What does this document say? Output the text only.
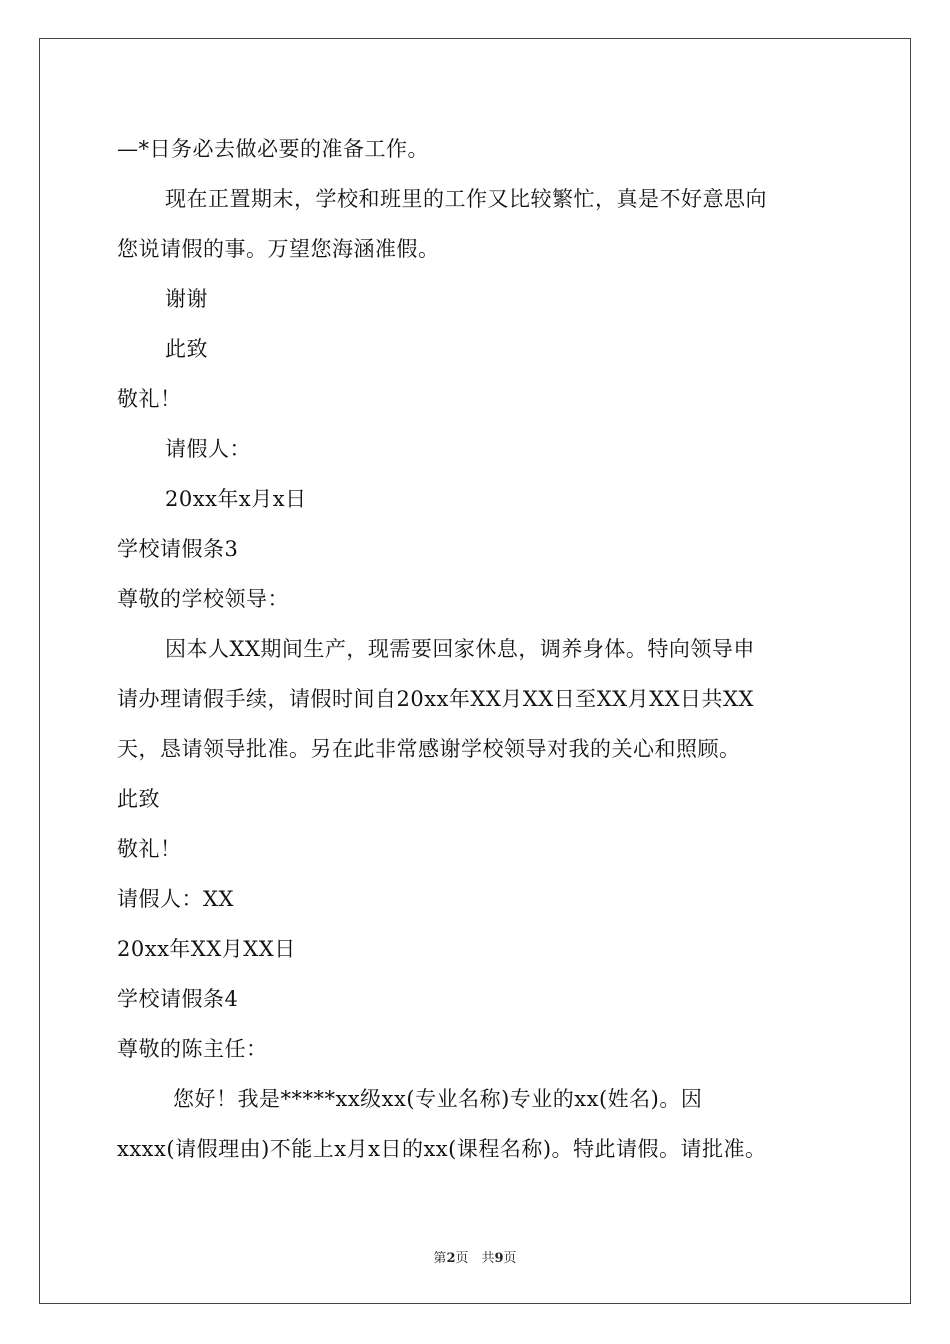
—*日务必去做必要的准备工作。
现在正置期末，学校和班里的工作又比较繁忙，真是不好意思向
您说请假的事。万望您海涵准假。
谢谢
此致
敬礼！
请假人：
20xx年x月x日
学校请假条3
尊敬的学校领导：
因本人XX期间生产，现需要回家休息，调养身体。特向领导申
请办理请假手续，请假时间自20xx年XX月XX日至XX月XX日共XX
天，恳请领导批准。另在此非常感谢学校领导对我的关心和照顾。
此致
敬礼！
请假人：XX
20xx年XX月XX日
学校请假条4
尊敬的陈主任：
您好！我是*****xx级xx(专业名称)专业的xx(姓名)。因
xxxx(请假理由)不能上x月x日的xx(课程名称)。特此请假。请批准。
第2页　共9页
